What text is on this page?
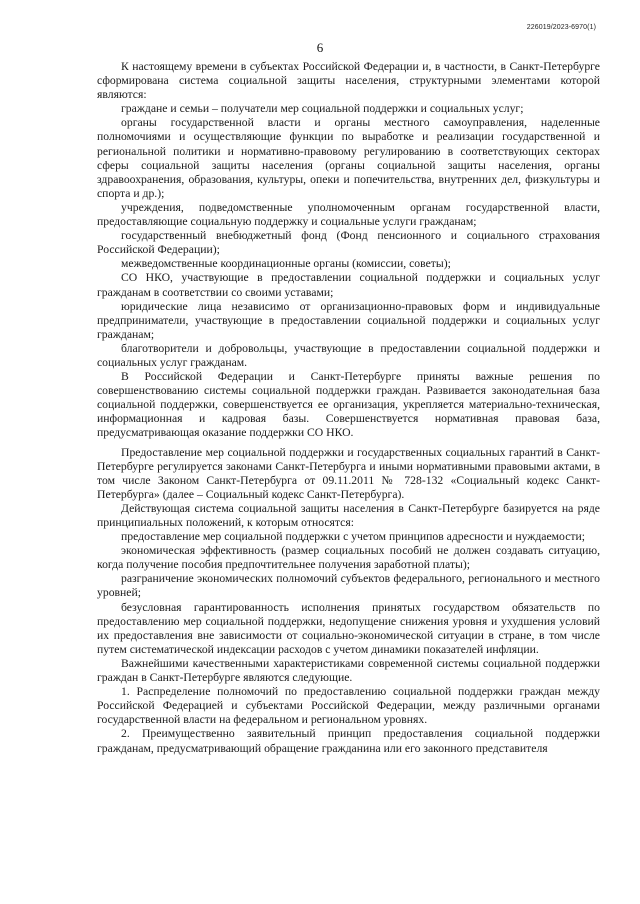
226019/2023-6970(1)
6

К настоящему времени в субъектах Российской Федерации и, в частности, в Санкт-Петербурге сформирована система социальной защиты населения, структурными элементами которой являются:

граждане и семьи – получатели мер социальной поддержки и социальных услуг;

органы государственной власти и органы местного самоуправления, наделенные полномочиями и осуществляющие функции по выработке и реализации государственной и региональной политики и нормативно-правовому регулированию в соответствующих секторах сферы социальной защиты населения (органы социальной защиты населения, органы здравоохранения, образования, культуры, опеки и попечительства, внутренних дел, физкультуры и спорта и др.);

учреждения, подведомственные уполномоченным органам государственной власти, предоставляющие социальную поддержку и социальные услуги гражданам;

государственный внебюджетный фонд (Фонд пенсионного и социального страхования Российской Федерации);

межведомственные координационные органы (комиссии, советы);

СО НКО, участвующие в предоставлении социальной поддержки и социальных услуг гражданам в соответствии со своими уставами;

юридические лица независимо от организационно-правовых форм и индивидуальные предприниматели, участвующие в предоставлении социальной поддержки и социальных услуг гражданам;

благотворители и добровольцы, участвующие в предоставлении социальной поддержки и социальных услуг гражданам.

В Российской Федерации и Санкт-Петербурге приняты важные решения по совершенствованию системы социальной поддержки граждан. Развивается законодательная база социальной поддержки, совершенствуется ее организация, укрепляется материально-техническая, информационная и кадровая базы. Совершенствуется нормативная правовая база, предусматривающая оказание поддержки СО НКО.

Предоставление мер социальной поддержки и государственных социальных гарантий в Санкт-Петербурге регулируется законами Санкт-Петербурга и иными нормативными правовыми актами, в том числе Законом Санкт-Петербурга от 09.11.2011 № 728-132 «Социальный кодекс Санкт-Петербурга» (далее – Социальный кодекс Санкт-Петербурга).

Действующая система социальной защиты населения в Санкт-Петербурге базируется на ряде принципиальных положений, к которым относятся:

предоставление мер социальной поддержки с учетом принципов адресности и нуждаемости;

экономическая эффективность (размер социальных пособий не должен создавать ситуацию, когда получение пособия предпочтительнее получения заработной платы);

разграничение экономических полномочий субъектов федерального, регионального и местного уровней;

безусловная гарантированность исполнения принятых государством обязательств по предоставлению мер социальной поддержки, недопущение снижения уровня и ухудшения условий их предоставления вне зависимости от социально-экономической ситуации в стране, в том числе путем систематической индексации расходов с учетом динамики показателей инфляции.

Важнейшими качественными характеристиками современной системы социальной поддержки граждан в Санкт-Петербурге являются следующие.

1. Распределение полномочий по предоставлению социальной поддержки граждан между Российской Федерацией и субъектами Российской Федерации, между различными органами государственной власти на федеральном и региональном уровнях.

2. Преимущественно заявительный принцип предоставления социальной поддержки гражданам, предусматривающий обращение гражданина или его законного представителя
